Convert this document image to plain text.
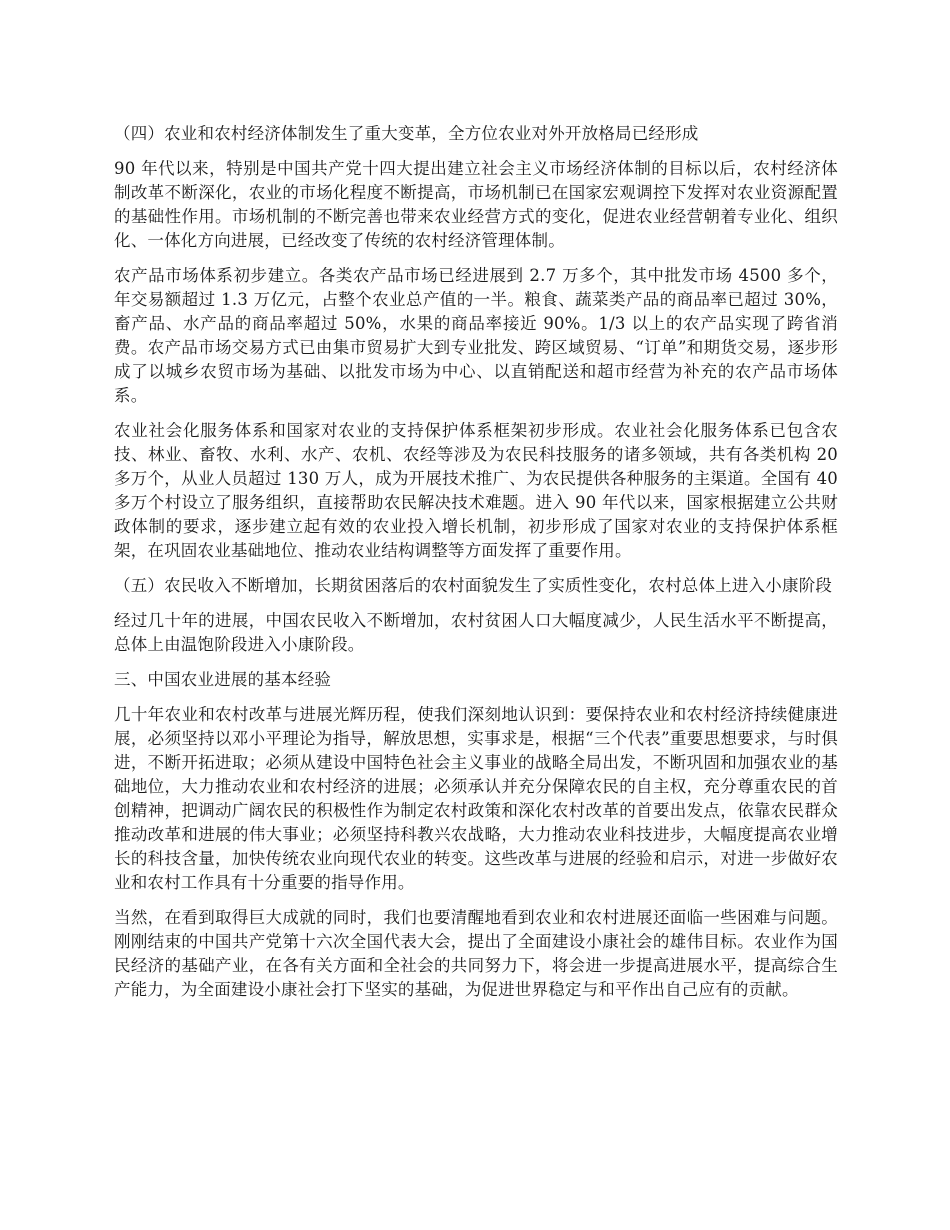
（四）农业和农村经济体制发生了重大变革，全方位农业对外开放格局已经形成

90 年代以来，特别是中国共产党十四大提出建立社会主义市场经济体制的目标以后，农村经济体制改革不断深化，农业的市场化程度不断提高，市场机制已在国家宏观调控下发挥对农业资源配置的基础性作用。市场机制的不断完善也带来农业经营方式的变化，促进农业经营朝着专业化、组织化、一体化方向进展，已经改变了传统的农村经济管理体制。

农产品市场体系初步建立。各类农产品市场已经进展到 2.7 万多个，其中批发市场 4500 多个，年交易额超过 1.3 万亿元，占整个农业总产值的一半。粮食、蔬菜类产品的商品率已超过 30%，畜产品、水产品的商品率超过 50%，水果的商品率接近 90%。1/3 以上的农产品实现了跨省消费。农产品市场交易方式已由集市贸易扩大到专业批发、跨区域贸易、“订单”和期货交易，逐步形成了以城乡农贸市场为基础、以批发市场为中心、以直销配送和超市经营为补充的农产品市场体系。

农业社会化服务体系和国家对农业的支持保护体系框架初步形成。农业社会化服务体系已包含农技、林业、畜牧、水利、水产、农机、农经等涉及为农民科技服务的诸多领域，共有各类机构 20 多万个，从业人员超过 130 万人，成为开展技术推广、为农民提供各种服务的主渠道。全国有 40 多万个村设立了服务组织，直接帮助农民解决技术难题。进入 90 年代以来，国家根据建立公共财政体制的要求，逐步建立起有效的农业投入增长机制，初步形成了国家对农业的支持保护体系框架，在巩固农业基础地位、推动农业结构调整等方面发挥了重要作用。

（五）农民收入不断增加，长期贫困落后的农村面貌发生了实质性变化，农村总体上进入小康阶段

经过几十年的进展，中国农民收入不断增加，农村贫困人口大幅度减少，人民生活水平不断提高，总体上由温饱阶段进入小康阶段。

三、中国农业进展的基本经验

几十年农业和农村改革与进展光辉历程，使我们深刻地认识到：要保持农业和农村经济持续健康进展，必须坚持以邓小平理论为指导，解放思想，实事求是，根据“三个代表”重要思想要求，与时俱进，不断开拓进取；必须从建设中国特色社会主义事业的战略全局出发，不断巩固和加强农业的基础地位，大力推动农业和农村经济的进展；必须承认并充分保障农民的自主权，充分尊重农民的首创精神，把调动广阔农民的积极性作为制定农村政策和深化农村改革的首要出发点，依靠农民群众推动改革和进展的伟大事业；必须坚持科教兴农战略，大力推动农业科技进步，大幅度提高农业增长的科技含量，加快传统农业向现代农业的转变。这些改革与进展的经验和启示，对进一步做好农业和农村工作具有十分重要的指导作用。

当然，在看到取得巨大成就的同时，我们也要清醒地看到农业和农村进展还面临一些困难与问题。刚刚结束的中国共产党第十六次全国代表大会，提出了全面建设小康社会的雄伟目标。农业作为国民经济的基础产业，在各有关方面和全社会的共同努力下，将会进一步提高进展水平，提高综合生产能力，为全面建设小康社会打下坚实的基础，为促进世界稳定与和平作出自己应有的贡献。
